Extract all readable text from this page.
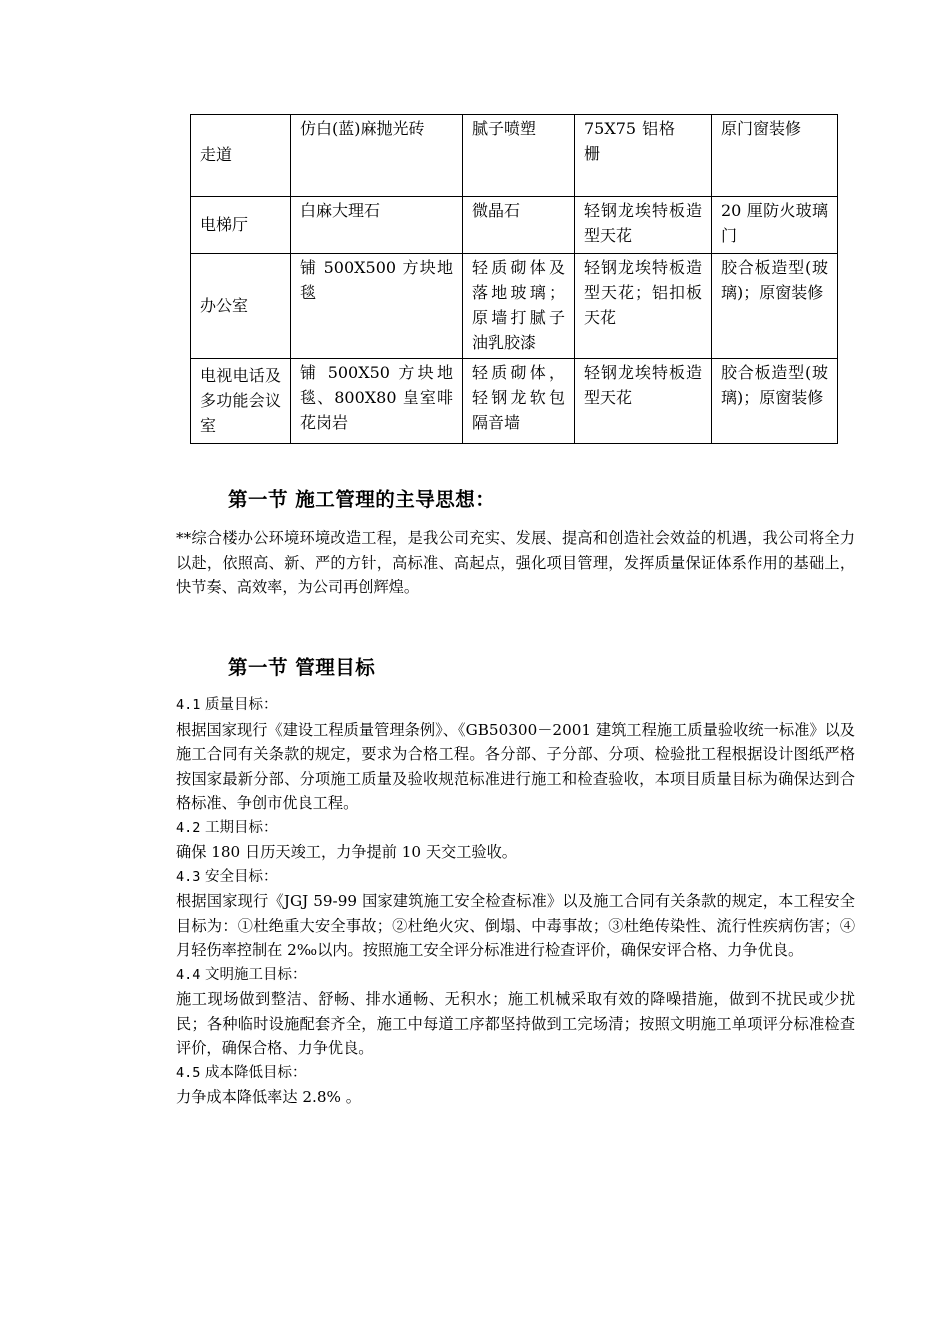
走道	仿白(蓝)麻抛光砖	腻子喷塑	75X75 铝格栅	原门窗装修
电梯厅	白麻大理石	微晶石	轻钢龙埃特板造型天花	20 厘防火玻璃门
办公室	铺 500X500 方块地毯	轻质砌体及落地玻璃；原墙打腻子油乳胶漆	轻钢龙埃特板造型天花；铝扣板天花	胶合板造型(玻璃)；原窗装修
电视电话及多功能会议室	铺 500X50 方块地毯、800X80 皇室啡花岗岩	轻质砌体，轻钢龙软包隔音墙	轻钢龙埃特板造型天花	胶合板造型(玻璃)；原窗装修
第一节 施工管理的主导思想：

**综合楼办公环境环境改造工程，是我公司充实、发展、提高和创造社会效益的机遇，我公司将全力以赴，依照高、新、严的方针，高标准、高起点，强化项目管理，发挥质量保证体系作用的基础上，快节奏、高效率，为公司再创辉煌。

第一节 管理目标

4.1 质量目标：

根据国家现行《建设工程质量管理条例》、《GB50300－2001 建筑工程施工质量验收统一标准》以及施工合同有关条款的规定，要求为合格工程。各分部、子分部、分项、检验批工程根据设计图纸严格按国家最新分部、分项施工质量及验收规范标准进行施工和检查验收，本项目质量目标为确保达到合格标准、争创市优良工程。

4.2 工期目标：

确保 180 日历天竣工，力争提前 10 天交工验收。

4.3 安全目标：

根据国家现行《JGJ 59-99 国家建筑施工安全检查标准》以及施工合同有关条款的规定，本工程安全目标为：①杜绝重大安全事故；②杜绝火灾、倒塌、中毒事故；③杜绝传染性、流行性疾病伤害；④月轻伤率控制在 2‰以内。按照施工安全评分标准进行检查评价，确保安评合格、力争优良。

4.4 文明施工目标：

施工现场做到整洁、舒畅、排水通畅、无积水；施工机械采取有效的降噪措施，做到不扰民或少扰民；各种临时设施配套齐全，施工中每道工序都坚持做到工完场清；按照文明施工单项评分标准检查评价，确保合格、力争优良。

4.5 成本降低目标：

力争成本降低率达 2.8% 。
